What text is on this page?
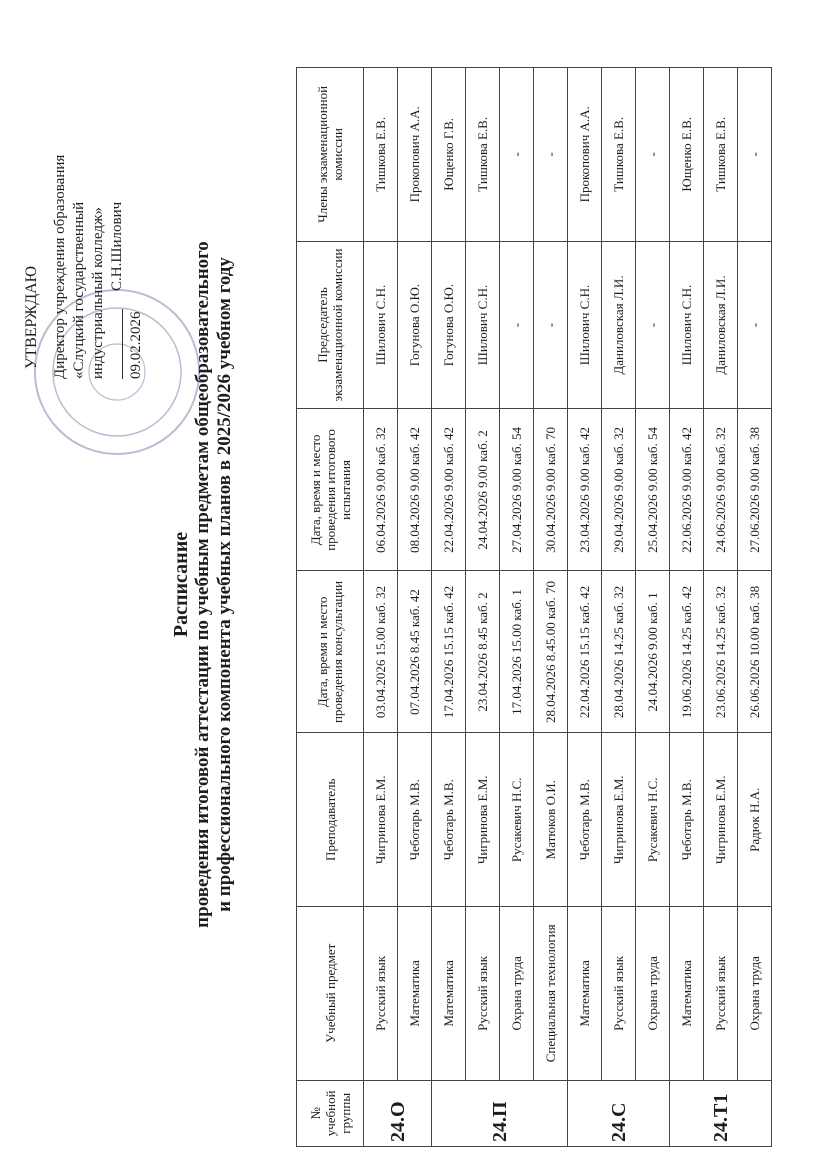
УТВЕРЖДАЮ Директор учреждения образования «Слуцкий государственный индустриальный колледж» С.Н.Шилович
09.02.2026
Расписание проведения итоговой аттестации по учебным предметам общеобразовательного и профессионального компонента учебных планов в 2025/2026 учебном году
№ учебной группы	Учебный предмет	Преподаватель	Дата, время и место проведения консультации	Дата, время и место проведения итогового испытания	Председатель экзаменационной комиссии	Члены экзаменационной комиссии
24.О	Русский язык	Чигринова Е.М.	03.04.2026 15.00 каб. 32	06.04.2026 9.00 каб. 32	Шилович С.Н.	Тишкова Е.В.
	Математика	Чеботарь М.В.	07.04.2026 8.45 каб. 42	08.04.2026 9.00 каб. 42	Гогунова О.Ю.	Прокопович А.А.
24.П	Математика	Чеботарь М.В.	17.04.2026 15.15 каб. 42	22.04.2026 9.00 каб. 42	Гогунова О.Ю.	Ющенко Г.В.
	Русский язык	Чигринова Е.М.	23.04.2026 8.45 каб. 2	24.04.2026 9.00 каб. 2	Шилович С.Н.	Тишкова Е.В.
	Охрана труда	Русакевич Н.С.	17.04.2026 15.00 каб. 1	27.04.2026 9.00 каб. 54	-	-
	Специальная технология	Матюков О.И.	28.04.2026 8.45.00 каб. 70	30.04.2026 9.00 каб. 70	-	-
24.С	Математика	Чеботарь М.В.	22.04.2026 15.15 каб. 42	23.04.2026 9.00 каб. 42	Шилович С.Н.	Прокопович А.А.
	Русский язык	Чигринова Е.М.	28.04.2026 14.25 каб. 32	29.04.2026 9.00 каб. 32	Даниловская Л.И.	Тишкова Е.В.
	Охрана труда	Русакевич Н.С.	24.04.2026 9.00 каб. 1	25.04.2026 9.00 каб. 54	-	-
24.Т1	Математика	Чеботарь М.В.	19.06.2026 14.25 каб. 42	22.06.2026 9.00 каб. 42	Шилович С.Н.	Ющенко Е.В.
	Русский язык	Чигринова Е.М.	23.06.2026 14.25 каб. 32	24.06.2026 9.00 каб. 32	Даниловская Л.И.	Тишкова Е.В.
	Охрана труда	Радюк Н.А.	26.06.2026 10.00 каб. 38	27.06.2026 9.00 каб. 38	-	-
